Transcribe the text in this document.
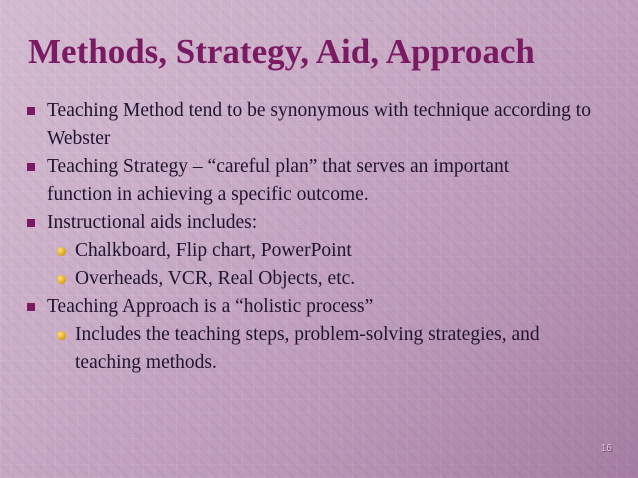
Methods, Strategy, Aid, Approach
Teaching Method tend to be synonymous with technique according to Webster
Teaching Strategy – “careful plan” that serves an important function in achieving a specific outcome.
Instructional aids includes:
Chalkboard, Flip chart, PowerPoint
Overheads, VCR, Real Objects, etc.
Teaching Approach is a “holistic process”
Includes the teaching steps, problem-solving strategies, and teaching methods.
16
